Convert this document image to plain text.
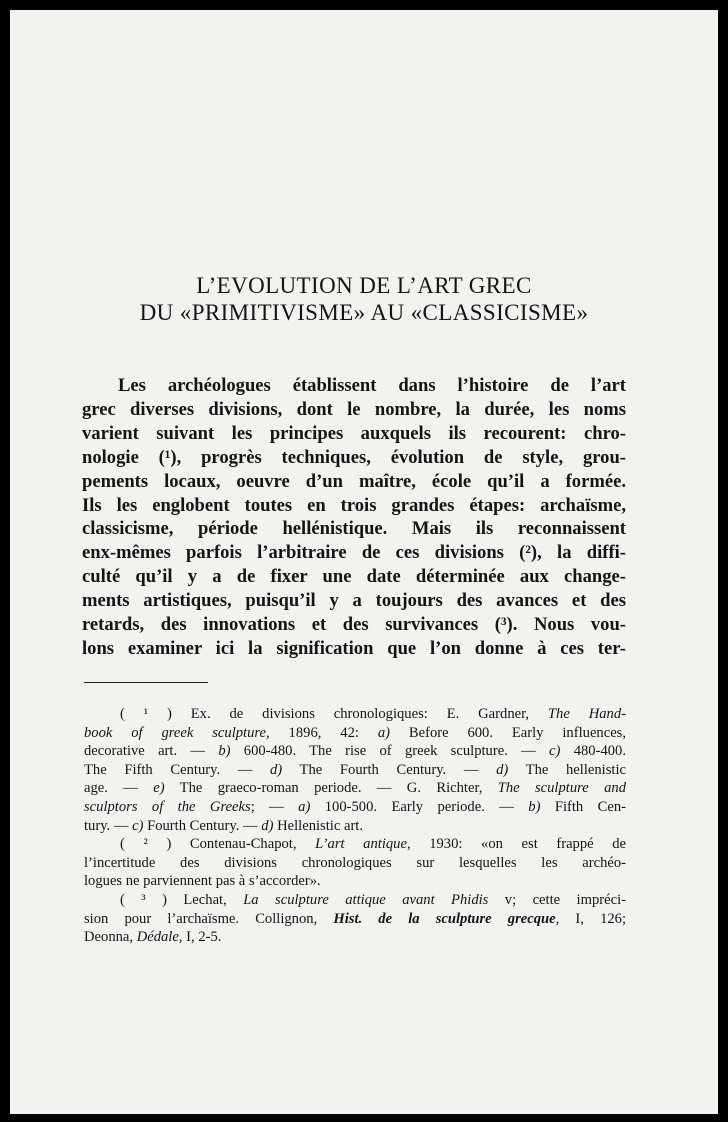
L’EVOLUTION DE L’ART GREC
DU «PRIMITIVISME» AU «CLASSICISME»
Les archéologues établissent dans l’histoire de l’art
grec diverses divisions, dont le nombre, la durée, les noms
varient suivant les principes auxquels ils recourent: chro-
nologie (¹), progrès techniques, évolution de style, grou-
pements locaux, oeuvre d’un maître, école qu’il a formée.
Ils les englobent toutes en trois grandes étapes: archaïsme,
classicisme, période hellénistique. Mais ils reconnaissent
enx-mêmes parfois l’arbitraire de ces divisions (²), la diffi-
culté qu’il y a de fixer une date déterminée aux change-
ments artistiques, puisqu’il y a toujours des avances et des
retards, des innovations et des survivances (³). Nous vou-
lons examiner ici la signification que l’on donne à ces ter-
( ¹ ) Ex. de divisions chronologiques: E. Gardner, The Hand-
book of greek sculpture, 1896, 42: a) Before 600. Early influences,
decorative art. — b) 600-480. The rise of greek sculpture. — c) 480-400.
The Fifth Century. — d) The Fourth Century. — d) The hellenistic
age. — e) The graeco-roman periode. — G. Richter, The sculpture and
sculptors of the Greeks; — a) 100-500. Early periode. — b) Fifth Cen-
tury. — c) Fourth Century. — d) Hellenistic art.
( ² ) Contenau-Chapot, L’art antique, 1930: «on est frappé de
l’incertitude des divisions chronologiques sur lesquelles les archéo-
logues ne parviennent pas à s’accorder».
( ³ ) Lechat, La sculpture attique avant Phidis v; cette impréci-
sion pour l’archaïsme. Collignon, Hist. de la sculpture grecque, I, 126;
Deonna, Dédale, I, 2-5.
